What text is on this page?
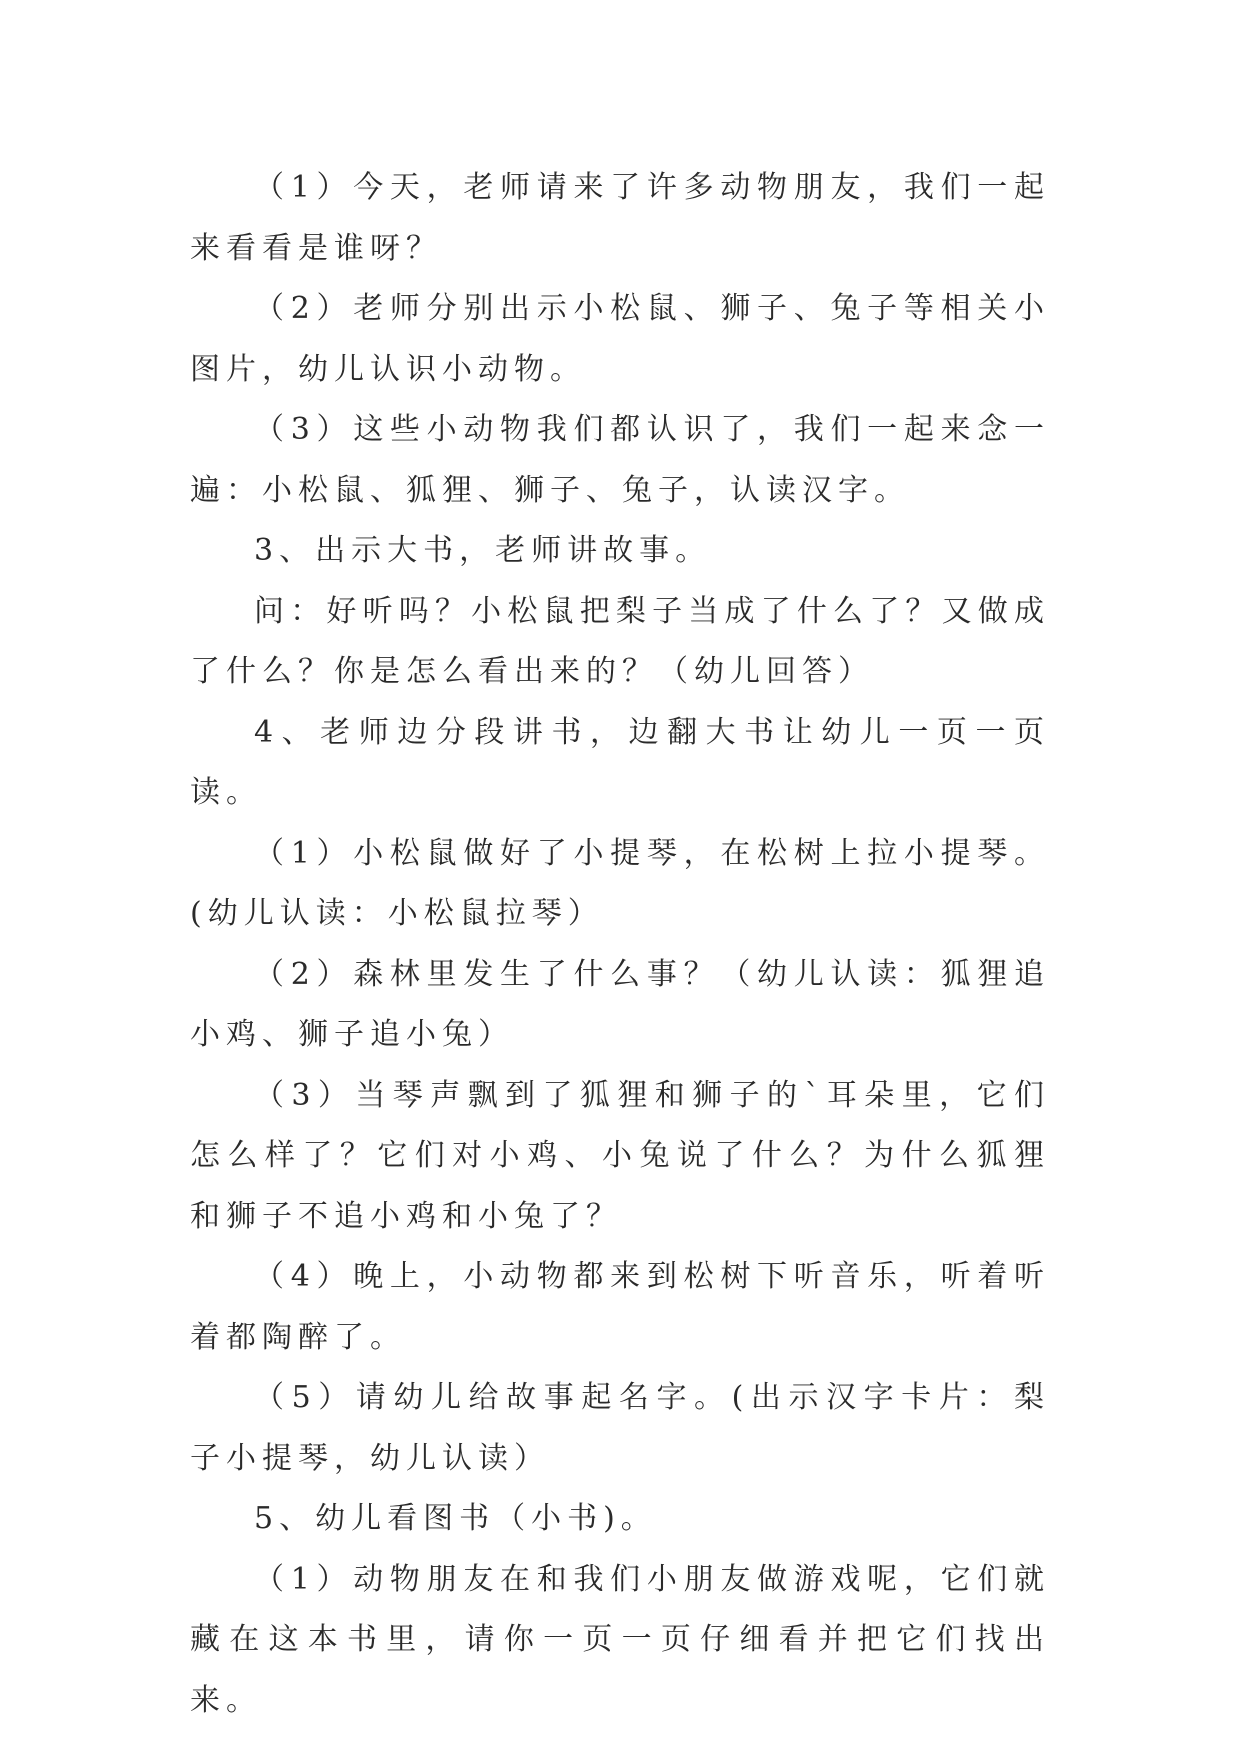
（1）今天，老师请来了许多动物朋友，我们一起来看看是谁呀？

（2）老师分别出示小松鼠、狮子、兔子等相关小图片，幼儿认识小动物。

（3）这些小动物我们都认识了，我们一起来念一遍：小松鼠、狐狸、狮子、兔子，认读汉字。

3、出示大书，老师讲故事。

问：好听吗？小松鼠把梨子当成了什么了？又做成了什么？你是怎么看出来的？（幼儿回答）

4、老师边分段讲书，边翻大书让幼儿一页一页读。

（1）小松鼠做好了小提琴，在松树上拉小提琴。(幼儿认读：小松鼠拉琴）

（2）森林里发生了什么事？（幼儿认读：狐狸追小鸡、狮子追小兔）

（3）当琴声飘到了狐狸和狮子的`耳朵里，它们怎么样了？它们对小鸡、小兔说了什么？为什么狐狸和狮子不追小鸡和小兔了？

（4）晚上，小动物都来到松树下听音乐，听着听着都陶醉了。

（5）请幼儿给故事起名字。(出示汉字卡片：梨子小提琴，幼儿认读）

5、幼儿看图书（小书)。

（1）动物朋友在和我们小朋友做游戏呢，它们就藏在这本书里，请你一页一页仔细看并把它们找出来。
